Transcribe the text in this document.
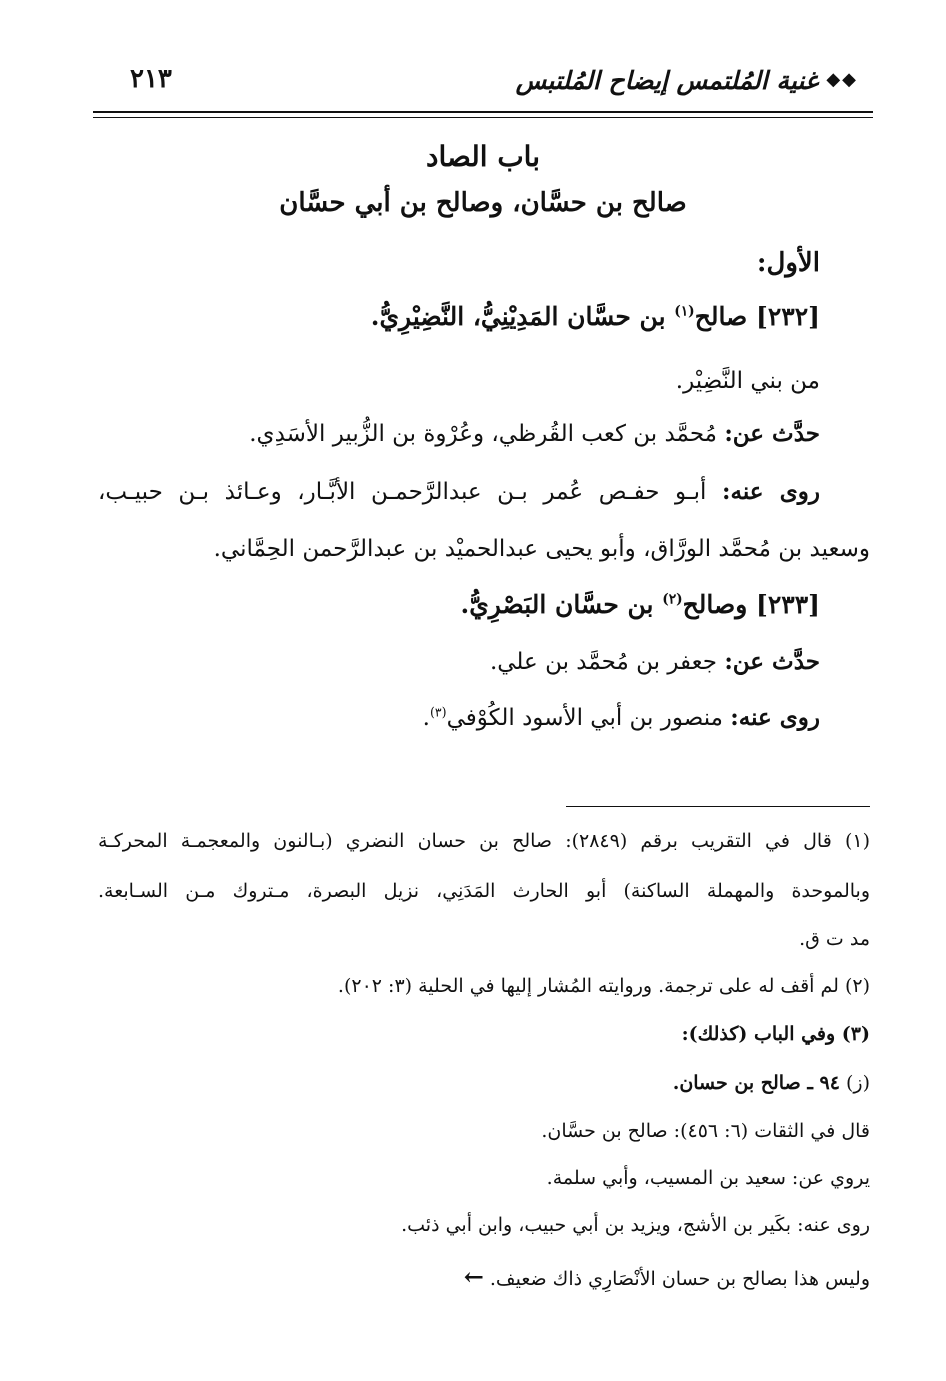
◆◆
غنية المُلتمس إيضاح المُلتبس
٢١٣
باب الصاد
صالح بن حسَّان، وصالح بن أبي حسَّان
الأول:
[٢٣٢] صالح$^{(١)}$ بن حسَّان المَدِيْنِيُّ، النَّضِيْرِيُّ.
من بني النَّضِيْر.
حدَّث عن: مُحمَّد بن كعب القُرظي، وعُرْوة بن الزُّبير الأسَدِي.
روى عنه: أبـو حفـص عُمر بـن عبدالرَّحمـن الأبَّـار، وعـائذ بـن حبيـب،
وسعيد بن مُحمَّد الورَّاق، وأبو يحيى عبدالحميْد بن عبدالرَّحمن الحِمَّاني.
[٢٣٣] وصالح$^{(٢)}$ بن حسَّان البَصْرِيُّ.
حدَّث عن: جعفر بن مُحمَّد بن علي.
روى عنه: منصور بن أبي الأسود الكُوْفي$^{(٣)}$.
(١) قال في التقريب برقم (٢٨٤٩): صالح بن حسان النضري (بـالنون والمعجمـة المحركـة
وبالموحدة والمهملة الساكنة) أبو الحارث المَدَنِي، نزيل البصرة، مـتروك مـن السـابعة.
مد ت ق.
(٢) لم أقف له على ترجمة. وروايته المُشار إليها في الحلية (٣: ٢٠٢).
(٣) وفي الباب (كذلك):
(ز) ٩٤ ـ صالح بن حسان.
قال في الثقات (٦: ٤٥٦): صالح بن حسَّان.
يروي عن: سعيد بن المسيب، وأبي سلمة.
روى عنه: بكَير بن الأشج، ويزيد بن أبي حبيب، وابن أبي ذئب.
وليس هذا بصالح بن حسان الأنْصَارِي ذاك ضعيف. ←
